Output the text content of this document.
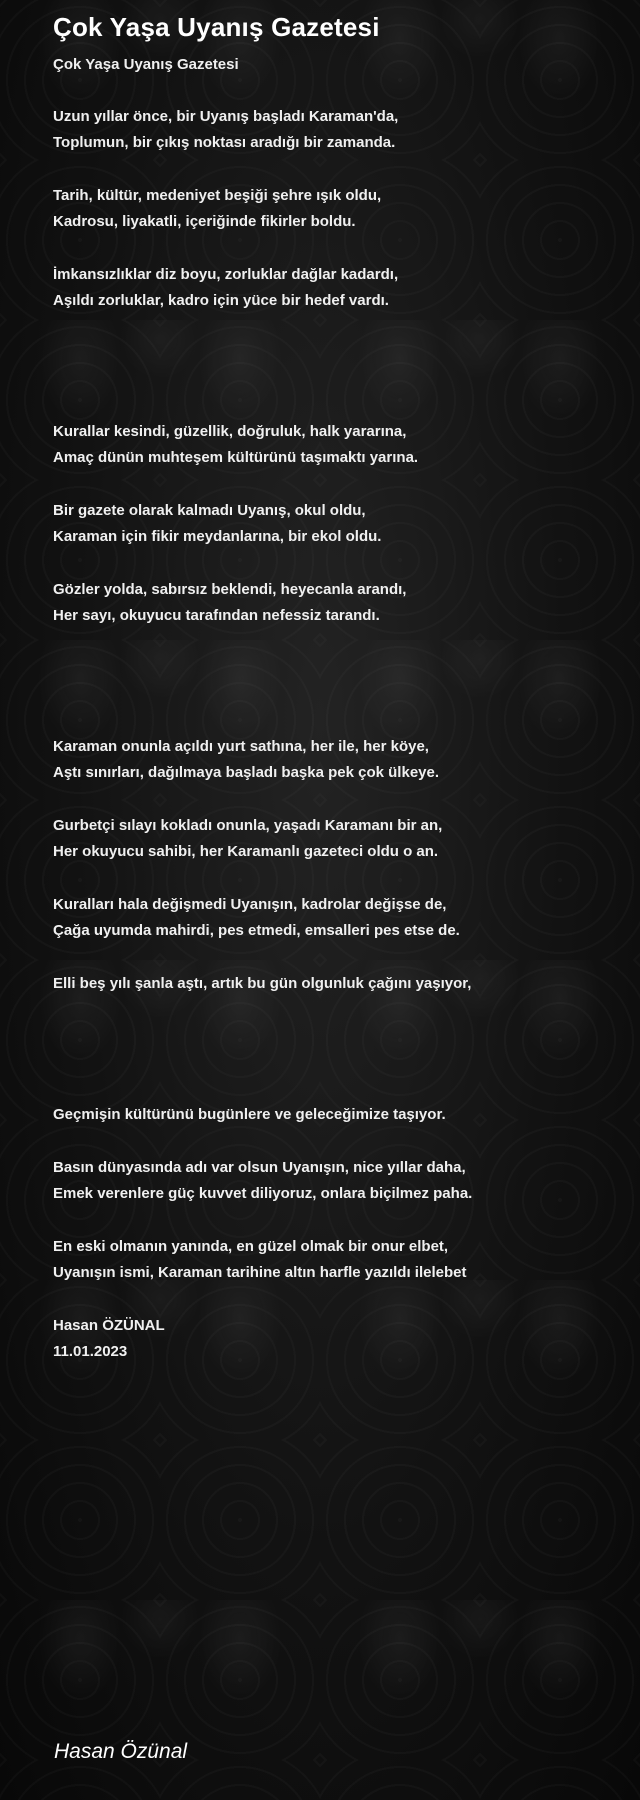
Çok Yaşa Uyanış Gazetesi
Çok Yaşa Uyanış Gazetesi

Uzun yıllar önce, bir Uyanış başladı Karaman'da,
Toplumun, bir çıkış noktası aradığı bir zamanda.

Tarih, kültür, medeniyet beşiği şehre ışık oldu,
Kadrosu, liyakatli, içeriğinde fikirler boldu.

İmkansızlıklar diz boyu, zorluklar dağlar kadardı,
Aşıldı zorluklar, kadro için yüce bir hedef vardı.

Kurallar kesindi, güzellik, doğruluk, halk yararına,
Amaç dünün muhteşem kültürünü taşımaktı yarına.

Bir gazete olarak kalmadı Uyanış, okul oldu,
Karaman için fikir meydanlarına, bir ekol oldu.

Gözler yolda, sabırsız beklendi, heyecanla arandı,
Her sayı, okuyucu tarafından nefessiz tarandı.

Karaman onunla açıldı yurt sathına, her ile, her köye,
Aştı sınırları, dağılmaya başladı başka pek çok ülkeye.

Gurbetçi sılayı kokladı onunla, yaşadı Karamanı bir an,
Her okuyucu sahibi, her Karamanlı gazeteci oldu o an.

Kuralları hala değişmedi Uyanışın, kadrolar değişse de,
Çağa uyumda mahirdi, pes etmedi, emsalleri pes etse de.

Elli beş yılı şanla aştı, artık bu gün olgunluk çağını yaşıyor,

Geçmişin kültürünü bugünlere ve geleceğimize taşıyor.

Basın dünyasında adı var olsun Uyanışın, nice yıllar daha,
Emek verenlere güç kuvvet diliyoruz, onlara biçilmez paha.

En eski olmanın yanında, en güzel olmak bir onur elbet,
Uyanışın ismi, Karaman tarihine altın harfle yazıldı ilelebet

Hasan ÖZÜNAL
11.01.2023

Hasan Özünal
